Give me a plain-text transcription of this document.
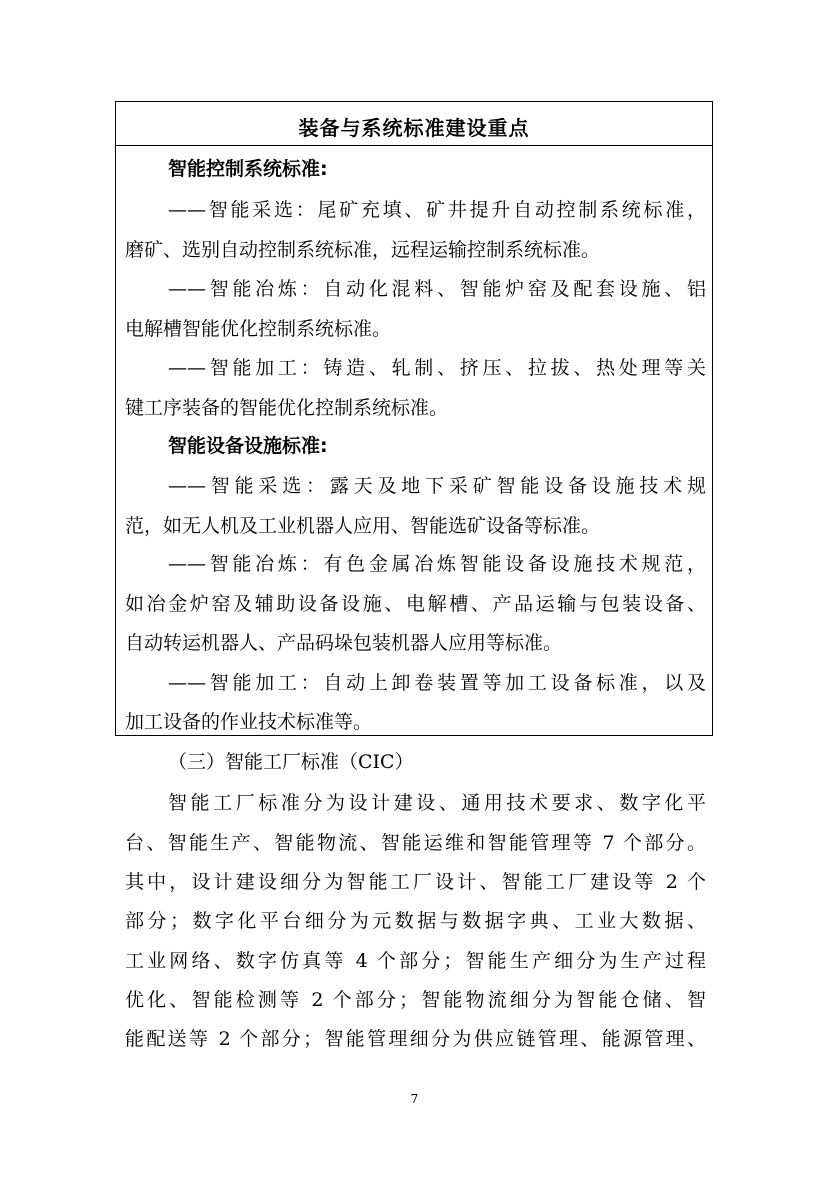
装备与系统标准建设重点
智能控制系统标准:
——智能采选：尾矿充填、矿井提升自动控制系统标准，
磨矿、选别自动控制系统标准，远程运输控制系统标准。
——智能冶炼：自动化混料、智能炉窑及配套设施、铝
电解槽智能优化控制系统标准。
——智能加工：铸造、轧制、挤压、拉拔、热处理等关
键工序装备的智能优化控制系统标准。
智能设备设施标准:
——智能采选：露天及地下采矿智能设备设施技术规
范，如无人机及工业机器人应用、智能选矿设备等标准。
——智能冶炼：有色金属冶炼智能设备设施技术规范，
如冶金炉窑及辅助设备设施、电解槽、产品运输与包装设备、
自动转运机器人、产品码垛包装机器人应用等标准。
——智能加工：自动上卸卷装置等加工设备标准，以及
加工设备的作业技术标准等。
（三）智能工厂标准（CIC）
智能工厂标准分为设计建设、通用技术要求、数字化平
台、智能生产、智能物流、智能运维和智能管理等 7 个部分。
其中，设计建设细分为智能工厂设计、智能工厂建设等 2 个
部分；数字化平台细分为元数据与数据字典、工业大数据、
工业网络、数字仿真等 4 个部分；智能生产细分为生产过程
优化、智能检测等 2 个部分；智能物流细分为智能仓储、智
能配送等 2 个部分；智能管理细分为供应链管理、能源管理、
7
